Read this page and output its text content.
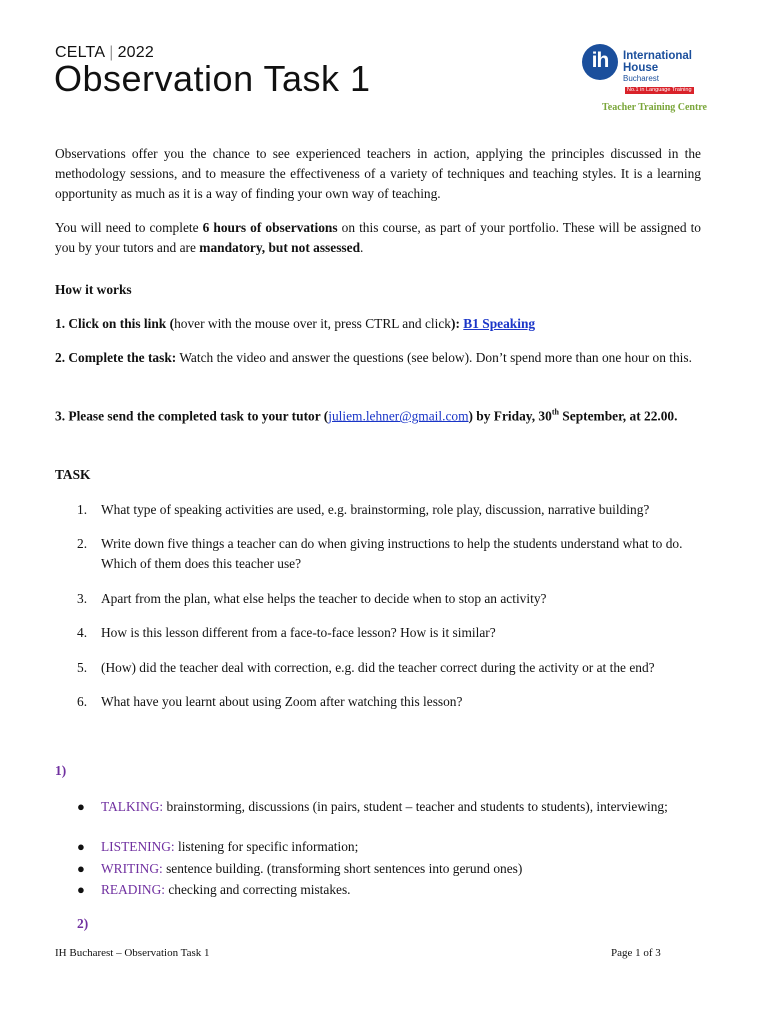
CELTA | 2022
Observation Task 1	ih	International
House
Bucharest
No.1 in Language Training
Teacher Training Centre

Observations offer you the chance to see experienced teachers in action, applying the principles discussed in the methodology sessions, and to measure the effectiveness of a variety of techniques and teaching styles. It is a learning opportunity as much as it is a way of finding your own way of teaching.

You will need to complete 6 hours of observations on this course, as part of your portfolio. These will be assigned to you by your tutors and are mandatory, but not assessed.

How it works

1. Click on this link (hover with the mouse over it, press CTRL and click): B1 Speaking

2. Complete the task: Watch the video and answer the questions (see below). Don’t spend more than one hour on this.

3. Please send the completed task to your tutor (juliem.lehner@gmail.com) by Friday, 30th September, at 22.00.

TASK

1. What type of speaking activities are used, e.g. brainstorming, role play, discussion, narrative building?
2. Write down five things a teacher can do when giving instructions to help the students understand what to do. Which of them does this teacher use?
3. Apart from the plan, what else helps the teacher to decide when to stop an activity?
4. How is this lesson different from a face-to-face lesson? How is it similar?
5. (How) did the teacher deal with correction, e.g. did the teacher correct during the activity or at the end?
6. What have you learnt about using Zoom after watching this lesson?
1)
● TALKING: brainstorming, discussions (in pairs, student – teacher and students to students), interviewing;
● LISTENING: listening for specific information;
● WRITING: sentence building. (transforming short sentences into gerund ones)
● READING: checking and correcting mistakes.
2)
IH Bucharest – Observation Task 1	Page 1 of 3
